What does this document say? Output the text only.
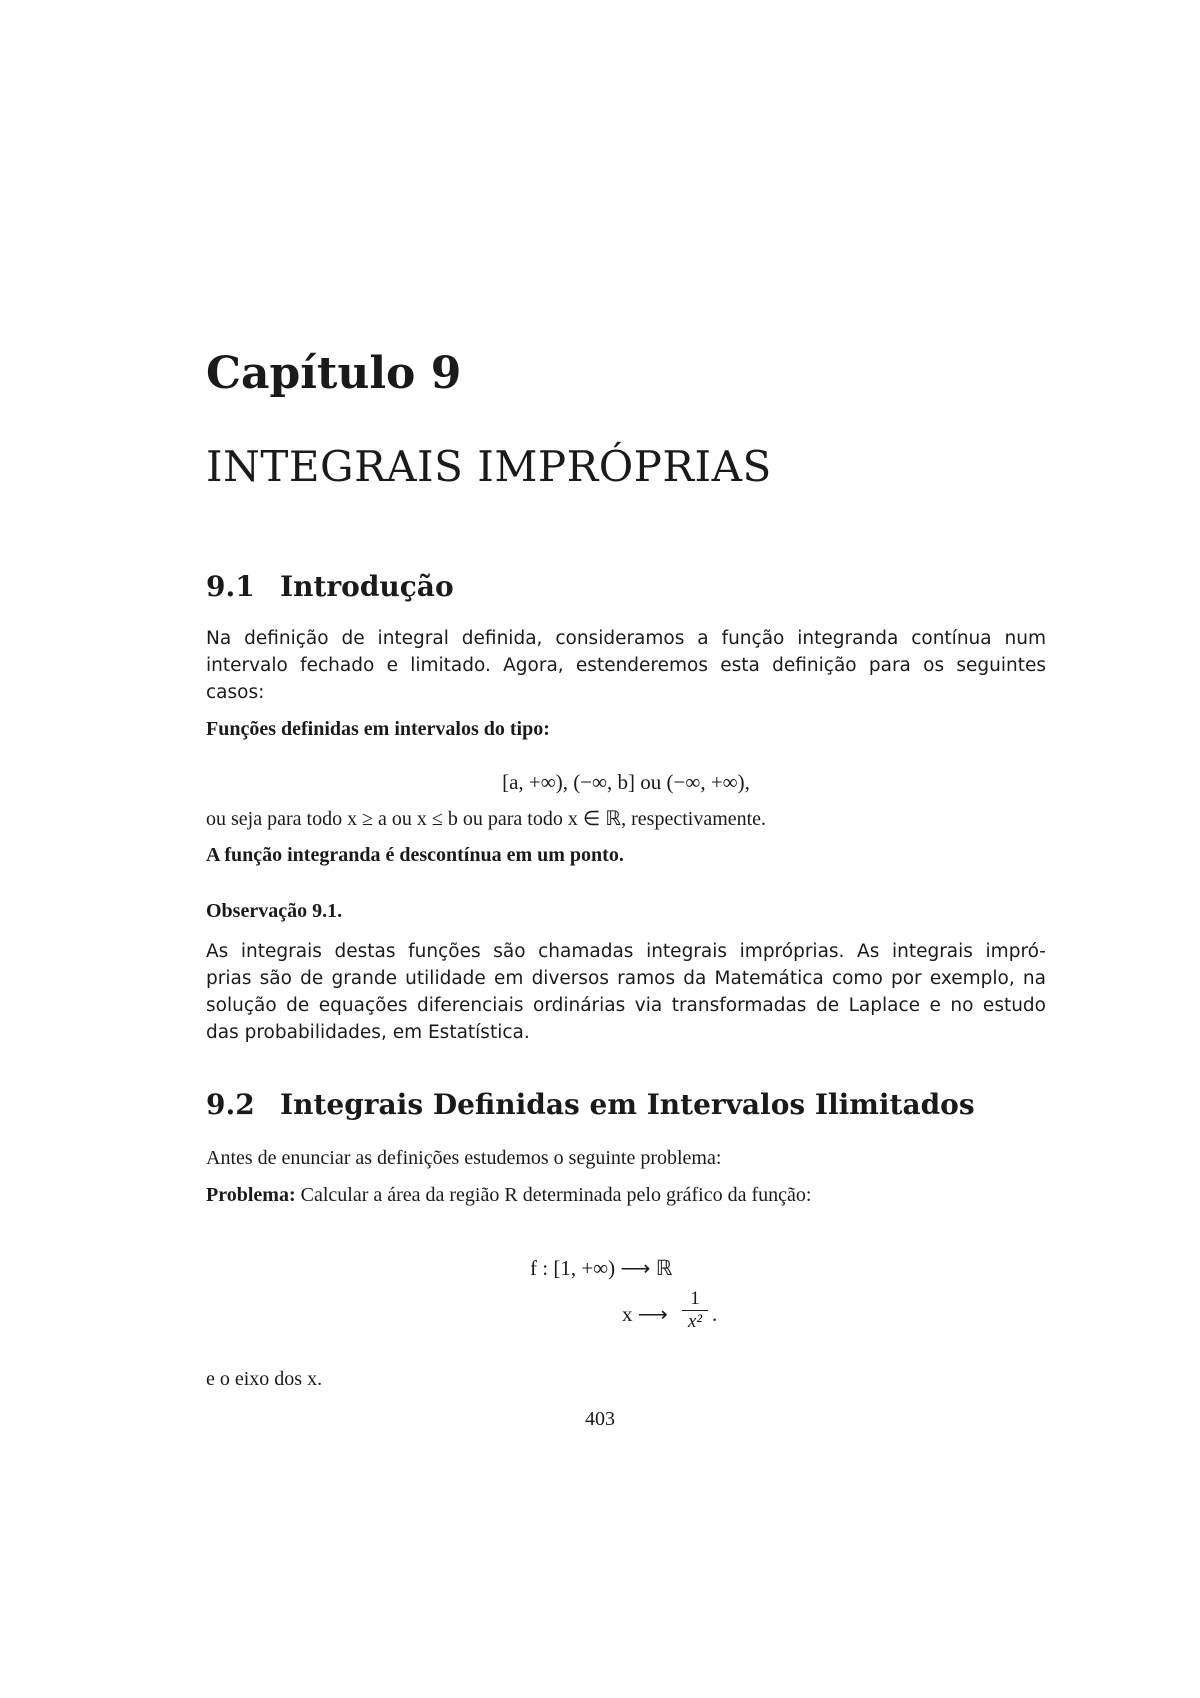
Capítulo 9
INTEGRAIS IMPRÓPRIAS
9.1 Introdução
Na definição de integral definida, consideramos a função integranda contínua num
intervalo fechado e limitado. Agora, estenderemos esta definição para os seguintes
casos:
Funções definidas em intervalos do tipo:
[a, +∞), (−∞, b] ou (−∞, +∞),
ou seja para todo x ≥ a ou x ≤ b ou para todo x ∈ ℝ, respectivamente.
A função integranda é descontínua em um ponto.
Observação 9.1.
As integrais destas funções são chamadas integrais impróprias. As integrais impró-
prias são de grande utilidade em diversos ramos da Matemática como por exemplo, na
solução de equações diferenciais ordinárias via transformadas de Laplace e no estudo
das probabilidades, em Estatística.
9.2 Integrais Definidas em Intervalos Ilimitados
Antes de enunciar as definições estudemos o seguinte problema:
Problema: Calcular a área da região R determinada pelo gráfico da função:
f : [1, +∞) ⟶ ℝ
x ⟶
1
x² .
e o eixo dos x.
403
